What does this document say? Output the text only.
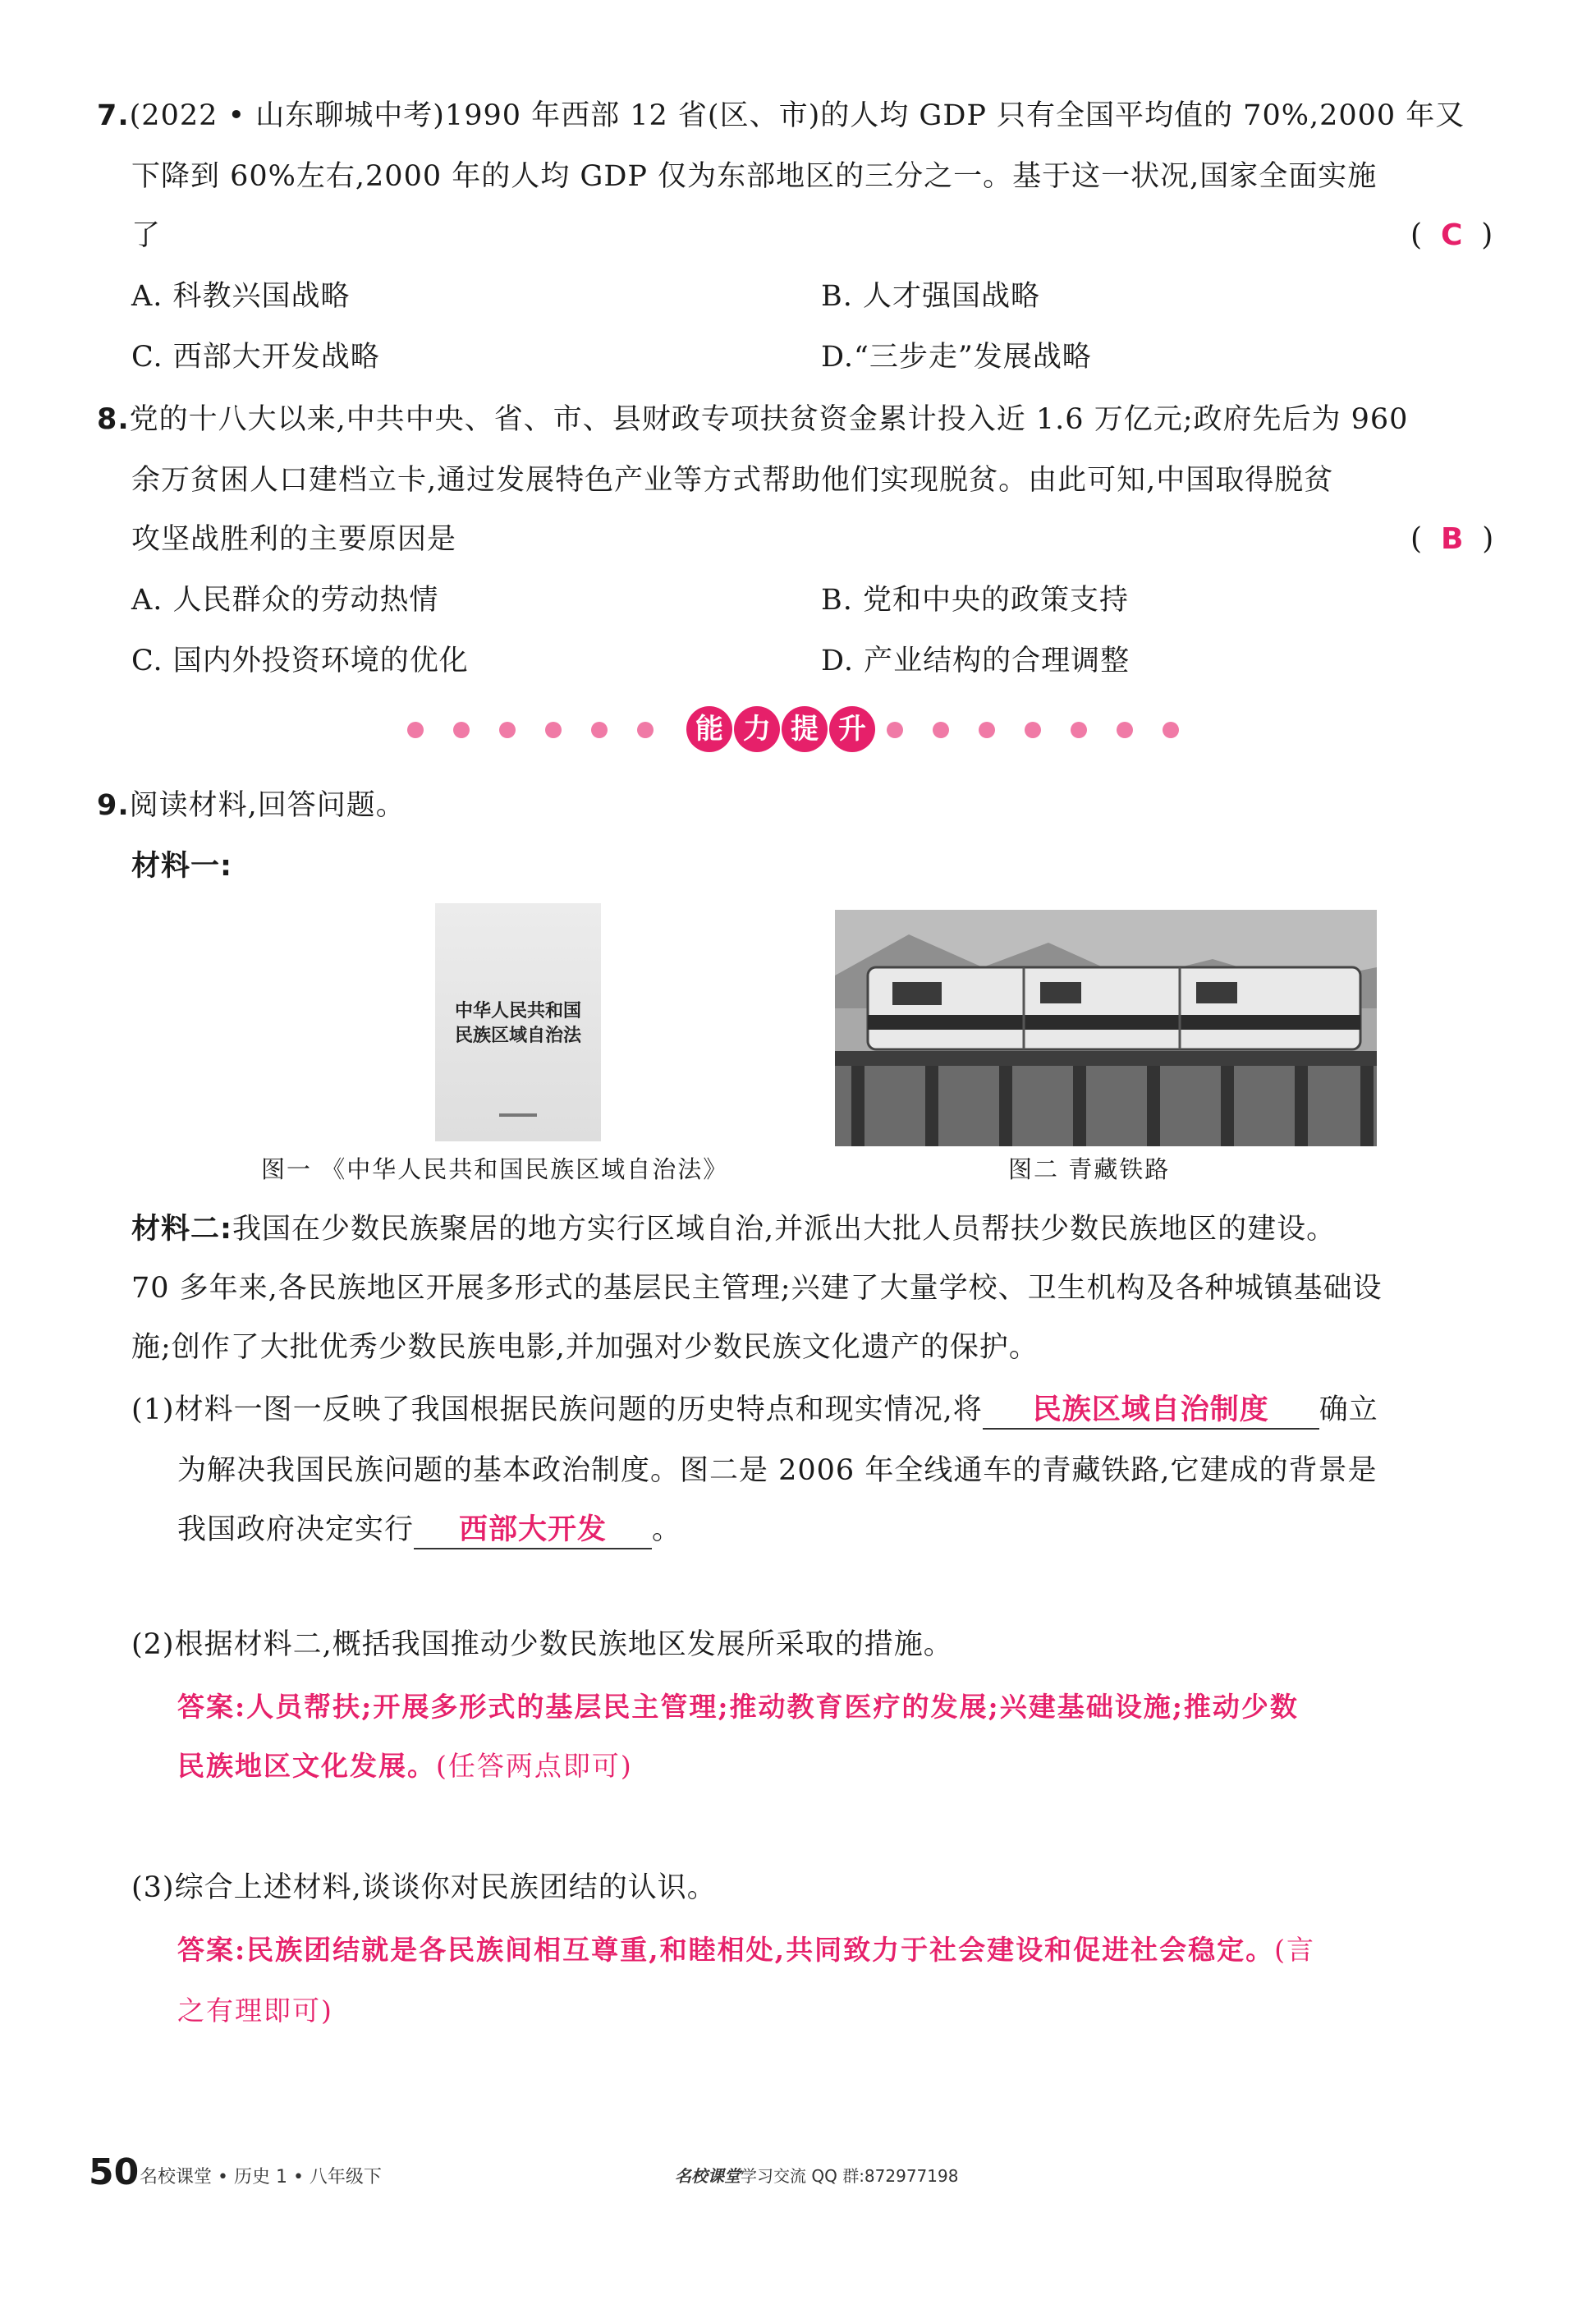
7.(2022 • 山东聊城中考)1990 年西部 12 省(区、市)的人均 GDP 只有全国平均值的 70%,2000 年又
下降到 60%左右,2000 年的人均 GDP 仅为东部地区的三分之一。基于这一状况,国家全面实施
了	(  C  )
A. 科教兴国战略	B. 人才强国战略
C. 西部大开发战略	D.“三步走”发展战略
8.党的十八大以来,中共中央、省、市、县财政专项扶贫资金累计投入近 1.6 万亿元;政府先后为 960
余万贫困人口建档立卡,通过发展特色产业等方式帮助他们实现脱贫。由此可知,中国取得脱贫
攻坚战胜利的主要原因是	(  B  )
A. 人民群众的劳动热情	B. 党和中央的政策支持
C. 国内外投资环境的优化	D. 产业结构的合理调整
能 力 提 升
9.阅读材料,回答问题。
材料一:
中华人民共和国
民族区域自治法
图一 《中华人民共和国民族区域自治法》	图二 青藏铁路
材料二:我国在少数民族聚居的地方实行区域自治,并派出大批人员帮扶少数民族地区的建设。
70 多年来,各民族地区开展多形式的基层民主管理;兴建了大量学校、卫生机构及各种城镇基础设
施;创作了大批优秀少数民族电影,并加强对少数民族文化遗产的保护。
(1)材料一图一反映了我国根据民族问题的历史特点和现实情况,将 民族区域自治制度 确立
为解决我国民族问题的基本政治制度。图二是 2006 年全线通车的青藏铁路,它建成的背景是
我国政府决定实行 西部大开发 。
(2)根据材料二,概括我国推动少数民族地区发展所采取的措施。
答案:人员帮扶;开展多形式的基层民主管理;推动教育医疗的发展;兴建基础设施;推动少数
民族地区文化发展。(任答两点即可)
(3)综合上述材料,谈谈你对民族团结的认识。
答案:民族团结就是各民族间相互尊重,和睦相处,共同致力于社会建设和促进社会稳定。(言
之有理即可)
50 名校课堂 • 历史 1 • 八年级下	名校课堂学习交流 QQ 群:872977198
